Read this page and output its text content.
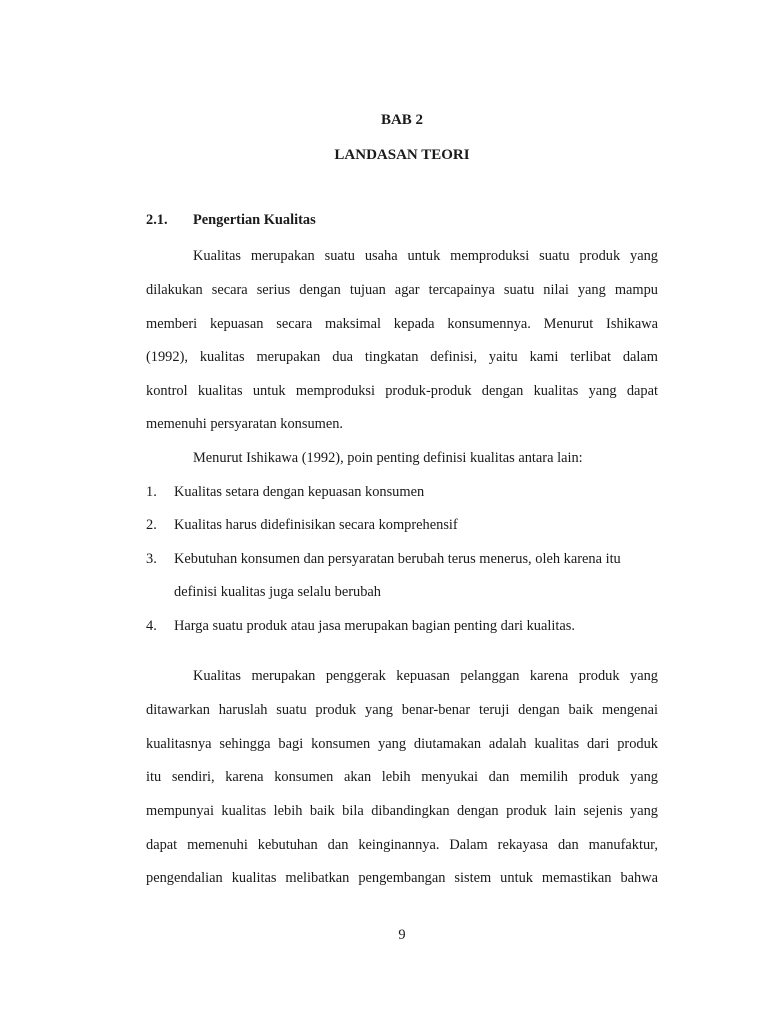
BAB 2
LANDASAN TEORI
2.1. Pengertian Kualitas
Kualitas merupakan suatu usaha untuk memproduksi suatu produk yang
dilakukan secara serius dengan tujuan agar tercapainya suatu nilai yang mampu
memberi kepuasan secara maksimal kepada konsumennya. Menurut Ishikawa
(1992), kualitas merupakan dua tingkatan definisi, yaitu kami terlibat dalam
kontrol kualitas untuk memproduksi produk-produk dengan kualitas yang dapat
memenuhi persyaratan konsumen.
Menurut Ishikawa (1992), poin penting definisi kualitas antara lain:
1. Kualitas setara dengan kepuasan konsumen
2. Kualitas harus didefinisikan secara komprehensif
3. Kebutuhan konsumen dan persyaratan berubah terus menerus, oleh karena itu
definisi kualitas juga selalu berubah
4. Harga suatu produk atau jasa merupakan bagian penting dari kualitas.
Kualitas merupakan penggerak kepuasan pelanggan karena produk yang
ditawarkan haruslah suatu produk yang benar-benar teruji dengan baik mengenai
kualitasnya sehingga bagi konsumen yang diutamakan adalah kualitas dari produk
itu sendiri, karena konsumen akan lebih menyukai dan memilih produk yang
mempunyai kualitas lebih baik bila dibandingkan dengan produk lain sejenis yang
dapat memenuhi kebutuhan dan keinginannya. Dalam rekayasa dan manufaktur,
pengendalian kualitas melibatkan pengembangan sistem untuk memastikan bahwa
9
